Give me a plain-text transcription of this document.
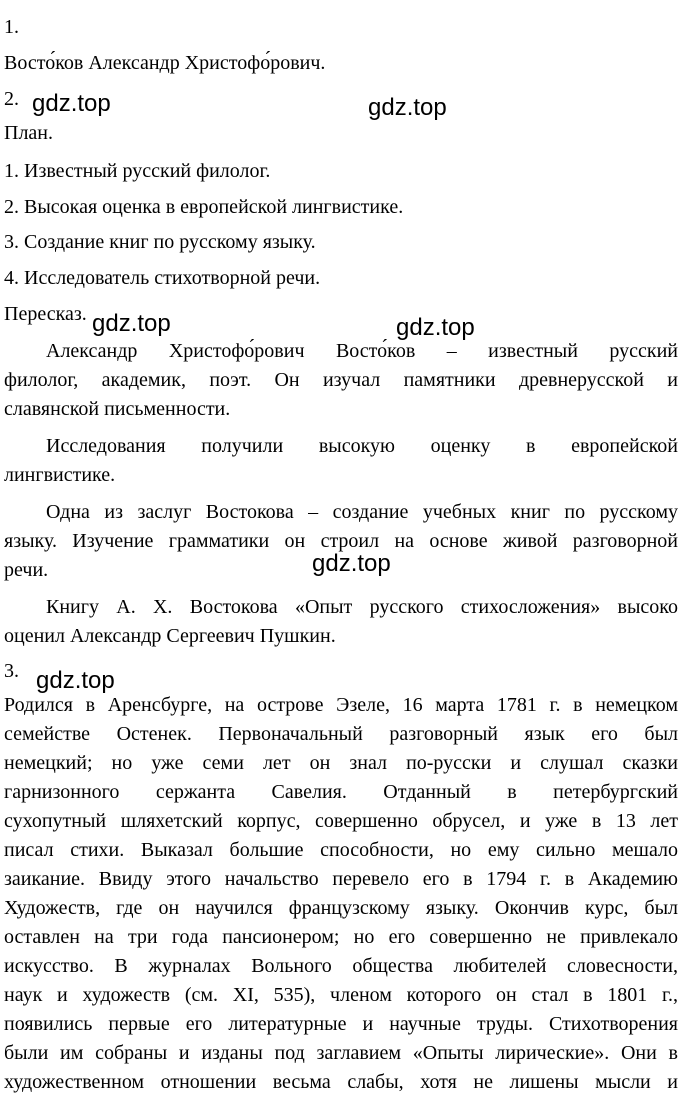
1.
Восто́ков Александр Христофо́рович.
2.
План.
1. Известный русский филолог.
2. Высокая оценка в европейской лингвистике.
3. Создание книг по русскому языку.
4. Исследователь стихотворной речи.
Пересказ.
Александр Христофо́рович Восто́ков – известный русский
филолог, академик, поэт. Он изучал памятники древнерусской и
славянской письменности.
Исследования получили высокую оценку в европейской
лингвистике.
Одна из заслуг Востокова – создание учебных книг по русскому
языку. Изучение грамматики он строил на основе живой разговорной
речи.
Книгу А. Х. Востокова «Опыт русского стихосложения» высоко
оценил Александр Сергеевич Пушкин.
3.
Родился в Аренсбурге, на острове Эзеле, 16 марта 1781 г. в немецком
семействе Остенек. Первоначальный разговорный язык его был
немецкий; но уже семи лет он знал по-русски и слушал сказки
гарнизонного сержанта Савелия. Отданный в петербургский
сухопутный шляхетский корпус, совершенно обрусел, и уже в 13 лет
писал стихи. Выказал большие способности, но ему сильно мешало
заикание. Ввиду этого начальство перевело его в 1794 г. в Академию
Художеств, где он научился французскому языку. Окончив курс, был
оставлен на три года пансионером; но его совершенно не привлекало
искусство. В журналах Вольного общества любителей словесности,
наук и художеств (см. XI, 535), членом которого он стал в 1801 г.,
появились первые его литературные и научные труды. Стихотворения
были им собраны и изданы под заглавием «Опыты лирические». Они в
художественном отношении весьма слабы, хотя не лишены мысли и
gdz.top	gdz.top
gdz.top	gdz.top
gdz.top
gdz.top
